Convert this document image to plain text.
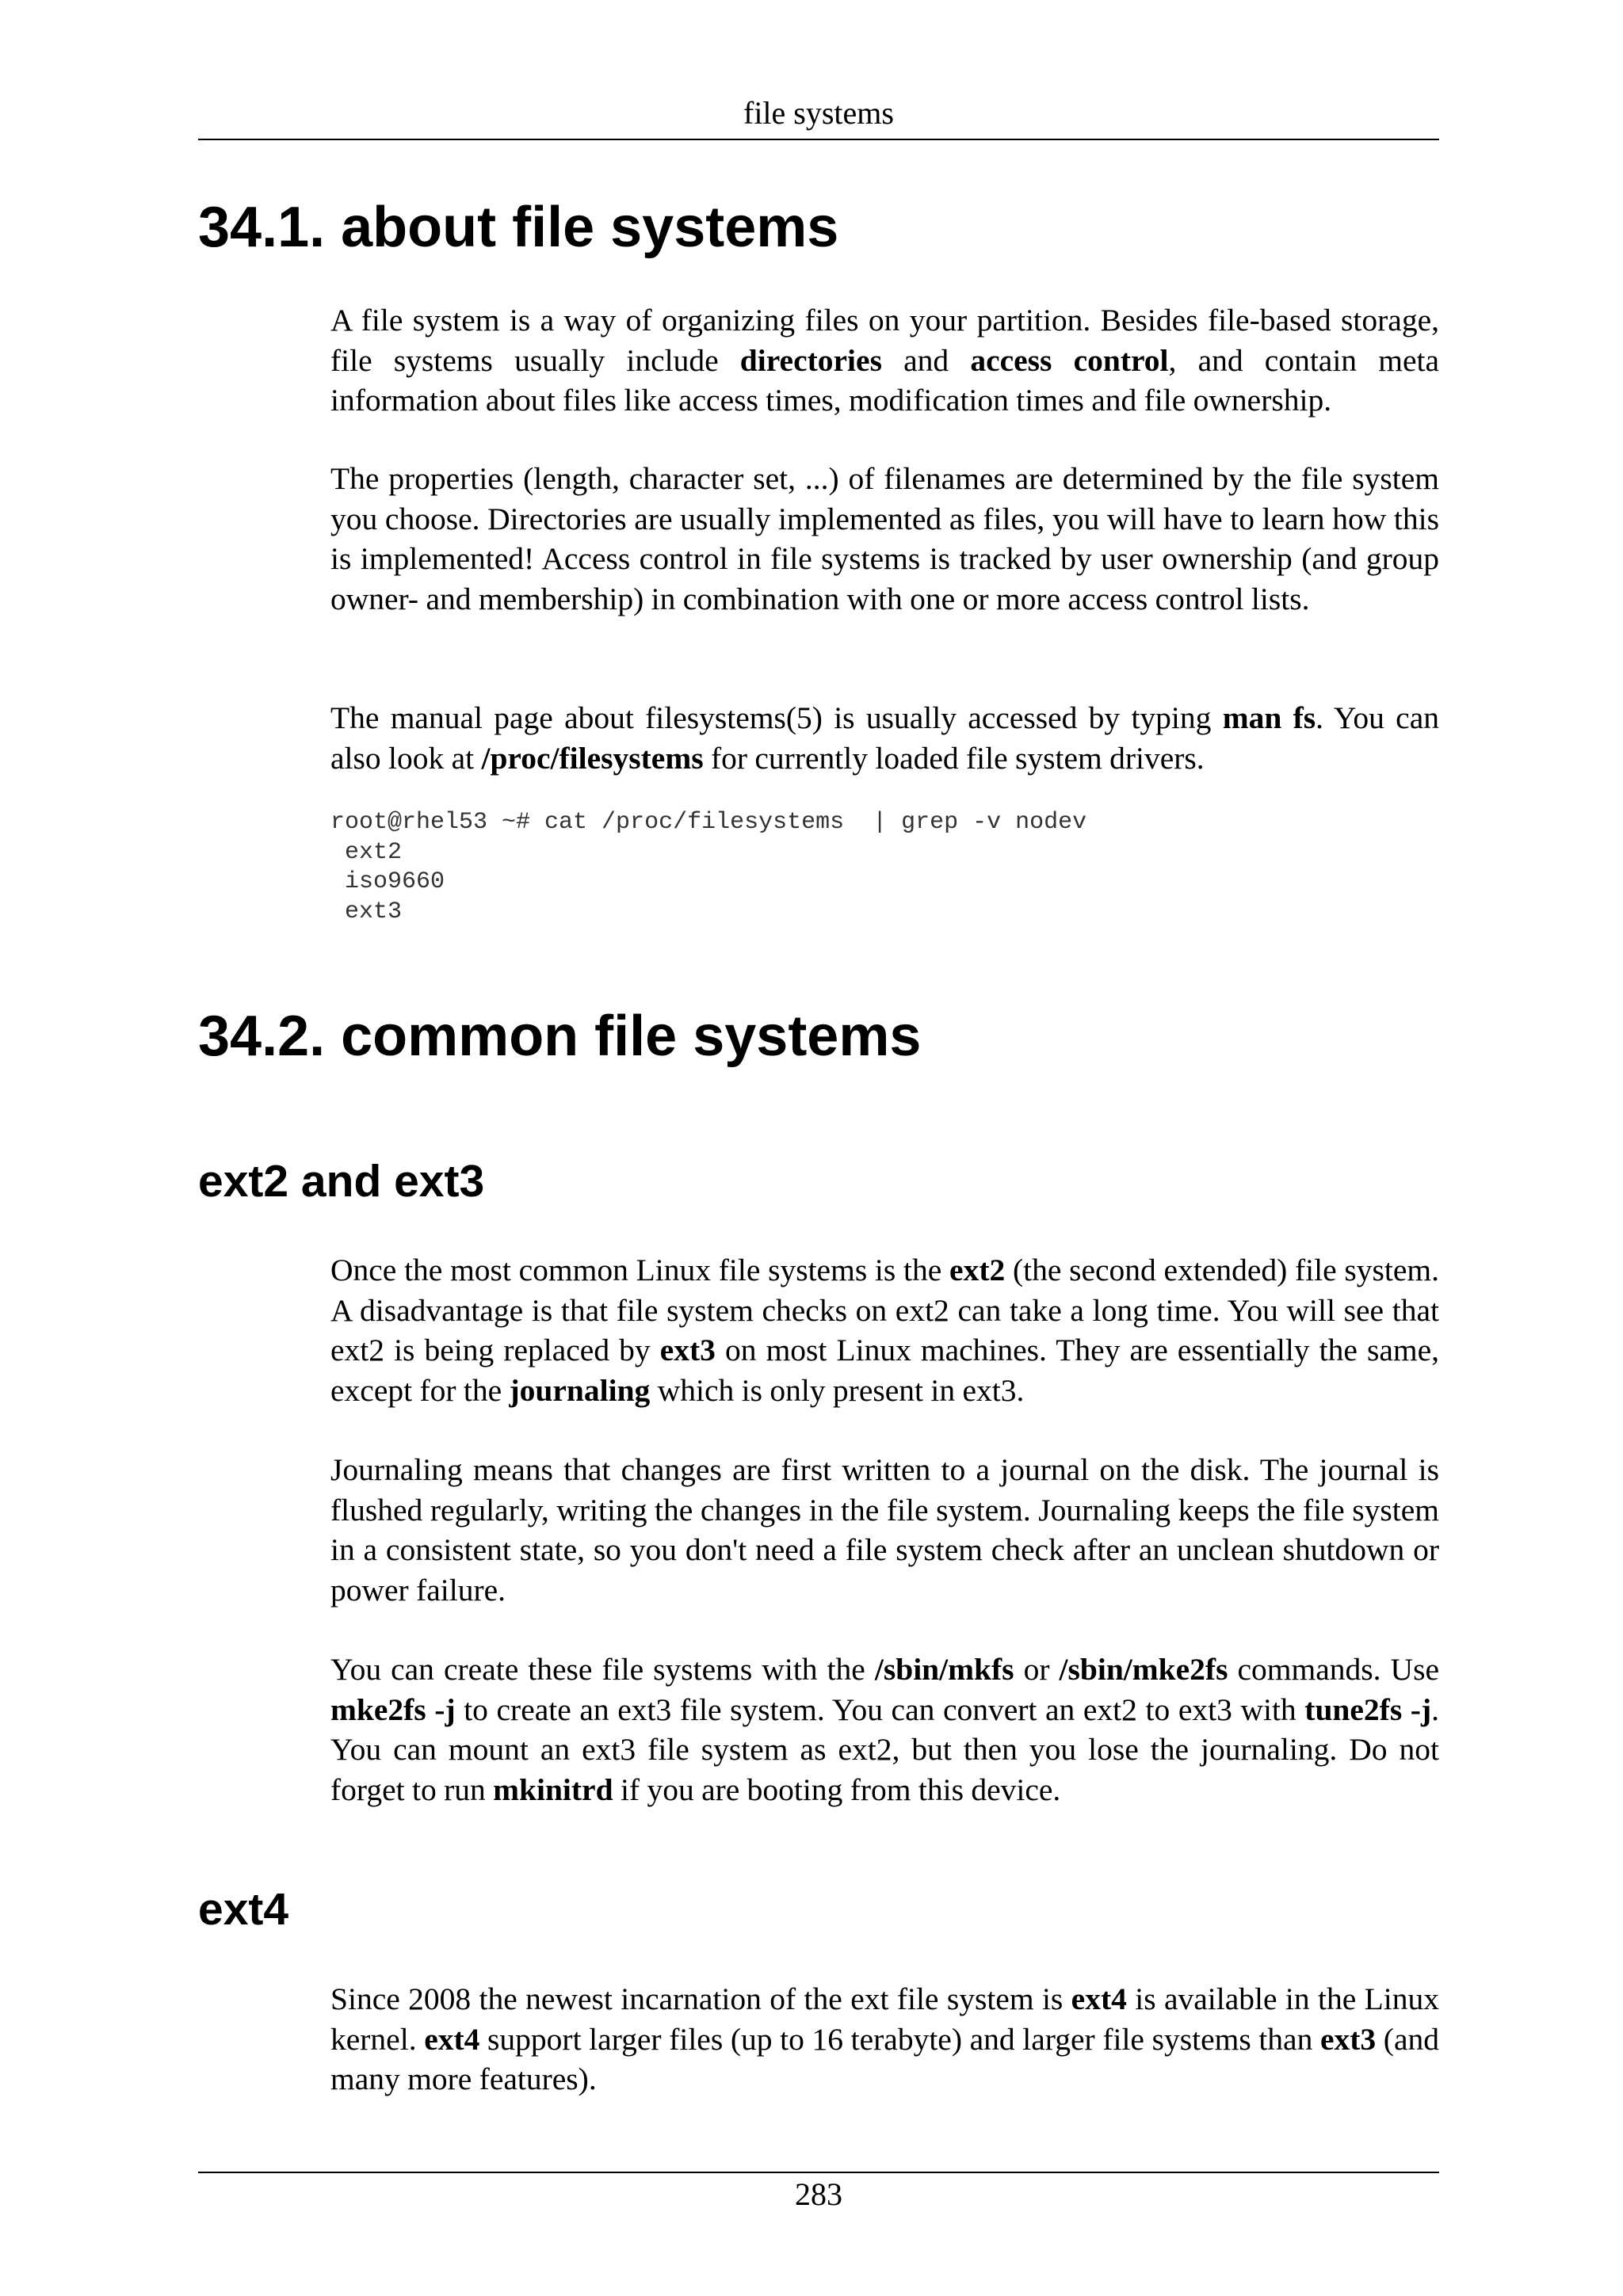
file systems
34.1. about file systems

A file system is a way of organizing files on your partition. Besides file-based storage, file systems usually include directories and access control, and contain meta information about files like access times, modification times and file ownership.

The properties (length, character set, ...) of filenames are determined by the file system you choose. Directories are usually implemented as files, you will have to learn how this is implemented! Access control in file systems is tracked by user ownership (and group owner- and membership) in combination with one or more access control lists.

The manual page about filesystems(5) is usually accessed by typing man fs. You can also look at /proc/filesystems for currently loaded file system drivers.

root@rhel53 ~# cat /proc/filesystems  | grep -v nodev
ext2
iso9660
ext3
34.2. common file systems
ext2 and ext3

Once the most common Linux file systems is the ext2 (the second extended) file system. A disadvantage is that file system checks on ext2 can take a long time. You will see that ext2 is being replaced by ext3 on most Linux machines. They are essentially the same, except for the journaling which is only present in ext3.

Journaling means that changes are first written to a journal on the disk. The journal is flushed regularly, writing the changes in the file system. Journaling keeps the file system in a consistent state, so you don't need a file system check after an unclean shutdown or power failure.

You can create these file systems with the /sbin/mkfs or /sbin/mke2fs commands. Use mke2fs -j to create an ext3 file system. You can convert an ext2 to ext3 with tune2fs -j. You can mount an ext3 file system as ext2, but then you lose the journaling. Do not forget to run mkinitrd if you are booting from this device.

ext4

Since 2008 the newest incarnation of the ext file system is ext4 is available in the Linux kernel. ext4 support larger files (up to 16 terabyte) and larger file systems than ext3 (and many more features).

283
